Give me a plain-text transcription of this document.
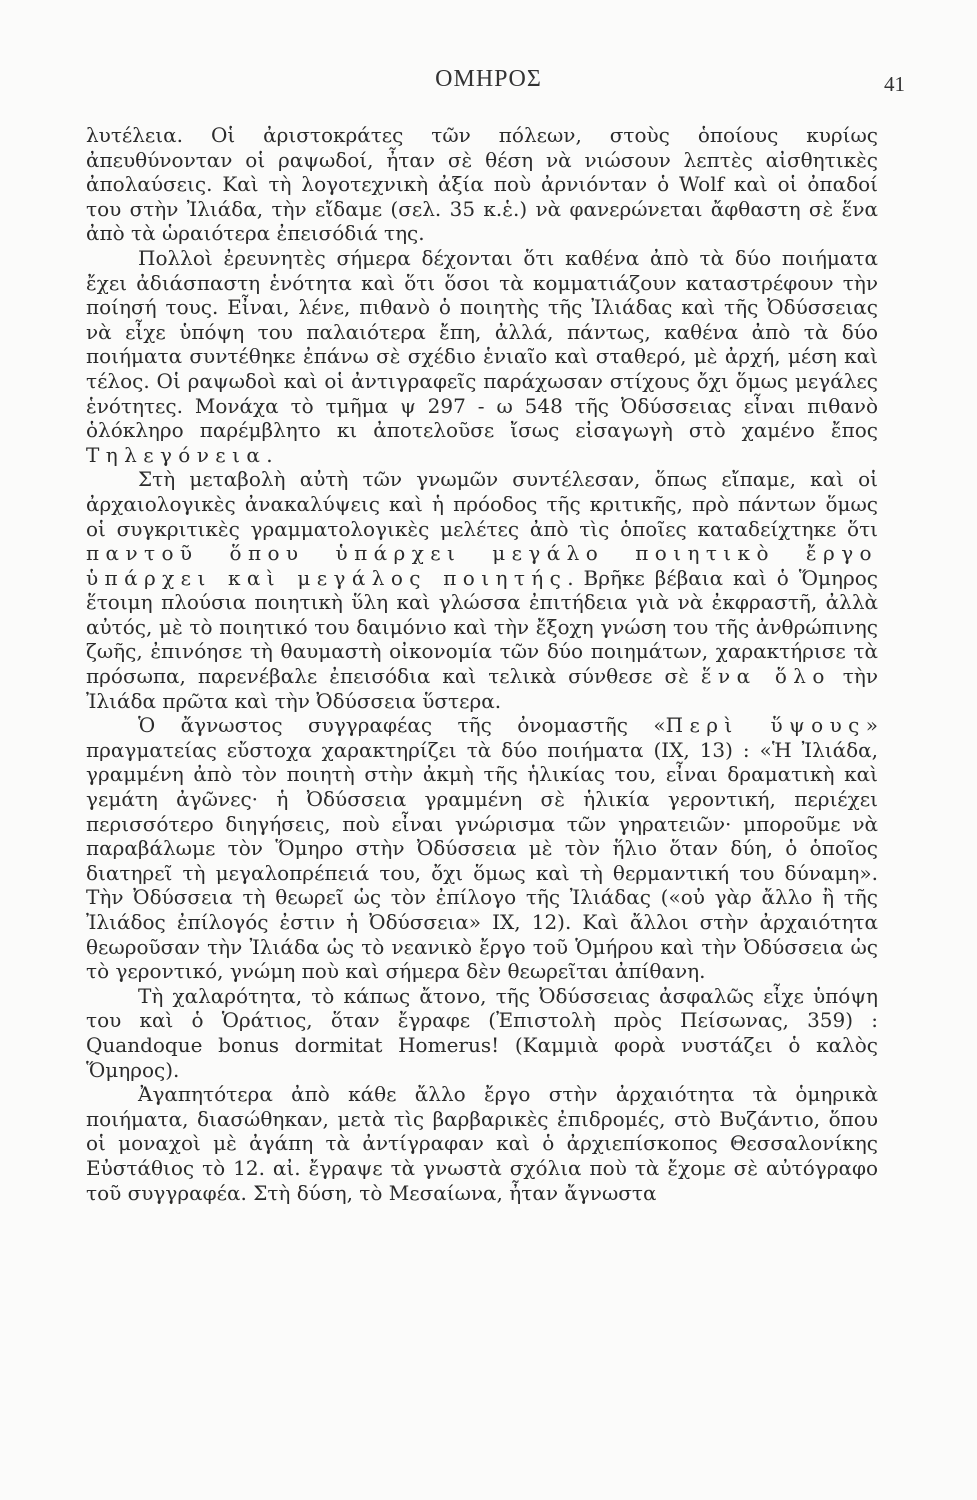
ΟΜΗΡΟΣ	41

λυτέλεια. Οἱ ἀριστοκράτες τῶν πόλεων, στοὺς ὁποίους κυρίως ἀπευθύνονταν οἱ ραψωδοί, ἦταν σὲ θέση νὰ νιώσουν λεπτὲς αἰσθητικὲς ἀπολαύσεις. Καὶ τὴ λογοτεχνικὴ ἀξία ποὺ ἀρνιόνταν ὁ Wolf καὶ οἱ ὀπαδοί του στὴν Ἰλιάδα, τὴν εἴδαμε (σελ. 35 κ.ἑ.) νὰ φανερώνεται ἄφθαστη σὲ ἕνα ἀπὸ τὰ ὡραιότερα ἐπεισόδιά της.

Πολλοὶ ἐρευνητὲς σήμερα δέχονται ὅτι καθένα ἀπὸ τὰ δύο ποιήματα ἔχει ἀδιάσπαστη ἑνότητα καὶ ὅτι ὅσοι τὰ κομματιάζουν καταστρέφουν τὴν ποίησή τους. Εἶναι, λένε, πιθανὸ ὁ ποιητὴς τῆς Ἰλιάδας καὶ τῆς Ὀδύσσειας νὰ εἶχε ὑπόψη του παλαιότερα ἔπη, ἀλλά, πάντως, καθένα ἀπὸ τὰ δύο ποιήματα συντέθηκε ἐπάνω σὲ σχέδιο ἑνιαῖο καὶ σταθερό, μὲ ἀρχή, μέση καὶ τέλος. Οἱ ραψωδοὶ καὶ οἱ ἀντιγραφεῖς παράχωσαν στίχους ὄχι ὅμως μεγάλες ἑνότητες. Μονάχα τὸ τμῆμα ψ 297 - ω 548 τῆς Ὀδύσσειας εἶναι πιθανὸ ὁλόκληρο παρέμβλητο κι ἀποτελοῦσε ἴσως εἰσαγωγὴ στὸ χαμένο ἔπος Τηλεγόνεια.

Στὴ μεταβολὴ αὐτὴ τῶν γνωμῶν συντέλεσαν, ὅπως εἴπαμε, καὶ οἱ ἀρχαιολογικὲς ἀνακαλύψεις καὶ ἡ πρόοδος τῆς κριτικῆς, πρὸ πάντων ὅμως οἱ συγκριτικὲς γραμματολογικὲς μελέτες ἀπὸ τὶς ὁποῖες καταδείχτηκε ὅτι παντοῦ ὅπου ὑπάρχει μεγάλο ποιητικὸ ἔργο ὑπάρχει καὶ μεγάλος ποιητής. Βρῆκε βέβαια καὶ ὁ Ὅμηρος ἕτοιμη πλούσια ποιητικὴ ὕλη καὶ γλώσσα ἐπιτήδεια γιὰ νὰ ἐκφραστῆ, ἀλλὰ αὐτός, μὲ τὸ ποιητικό του δαιμόνιο καὶ τὴν ἔξοχη γνώση του τῆς ἀνθρώπινης ζωῆς, ἐπινόησε τὴ θαυμαστὴ οἰκονομία τῶν δύο ποιημάτων, χαρακτήρισε τὰ πρόσωπα, παρενέβαλε ἐπεισόδια καὶ τελικὰ σύνθεσε σὲ ἕνα ὅλο τὴν Ἰλιάδα πρῶτα καὶ τὴν Ὀδύσσεια ὕστερα.

Ὁ ἄγνωστος συγγραφέας τῆς ὀνομαστῆς «Περὶ ὕψους» πραγματείας εὔστοχα χαρακτηρίζει τὰ δύο ποιήματα (IX, 13) : «Ἡ Ἰλιάδα, γραμμένη ἀπὸ τὸν ποιητὴ στὴν ἀκμὴ τῆς ἡλικίας του, εἶναι δραματικὴ καὶ γεμάτη ἀγῶνες· ἡ Ὀδύσσεια γραμμένη σὲ ἡλικία γεροντική, περιέχει περισσότερο διηγήσεις, ποὺ εἶναι γνώρισμα τῶν γηρατειῶν· μποροῦμε νὰ παραβάλωμε τὸν Ὅμηρο στὴν Ὀδύσσεια μὲ τὸν ἥλιο ὅταν δύη, ὁ ὁποῖος διατηρεῖ τὴ μεγαλοπρέπειά του, ὄχι ὅμως καὶ τὴ θερμαντική του δύναμη». Τὴν Ὀδύσσεια τὴ θεωρεῖ ὡς τὸν ἐπίλογο τῆς Ἰλιάδας («οὐ γὰρ ἄλλο ἢ τῆς Ἰλιάδος ἐπίλογός ἐστιν ἡ Ὀδύσσεια» IX, 12). Καὶ ἄλλοι στὴν ἀρχαιότητα θεωροῦσαν τὴν Ἰλιάδα ὡς τὸ νεανικὸ ἔργο τοῦ Ὁμήρου καὶ τὴν Ὀδύσσεια ὡς τὸ γεροντικό, γνώμη ποὺ καὶ σήμερα δὲν θεωρεῖται ἀπίθανη.

Τὴ χαλαρότητα, τὸ κάπως ἄτονο, τῆς Ὀδύσσειας ἀσφαλῶς εἶχε ὑπόψη του καὶ ὁ Ὁράτιος, ὅταν ἔγραφε (Ἐπιστολὴ πρὸς Πείσωνας, 359) : Quandoque bonus dormitat Homerus! (Καμμιὰ φορὰ νυστάζει ὁ καλὸς Ὅμηρος).

Ἀγαπητότερα ἀπὸ κάθε ἄλλο ἔργο στὴν ἀρχαιότητα τὰ ὁμηρικὰ ποιήματα, διασώθηκαν, μετὰ τὶς βαρβαρικὲς ἐπιδρομές, στὸ Βυζάντιο, ὅπου οἱ μοναχοὶ μὲ ἀγάπη τὰ ἀντίγραφαν καὶ ὁ ἀρχιεπίσκοπος Θεσσαλονίκης Εὐστάθιος τὸ 12. αἰ. ἔγραψε τὰ γνωστὰ σχόλια ποὺ τὰ ἔχομε σὲ αὐτόγραφο τοῦ συγγραφέα. Στὴ δύση, τὸ Μεσαίωνα, ἦταν ἄγνωστα
